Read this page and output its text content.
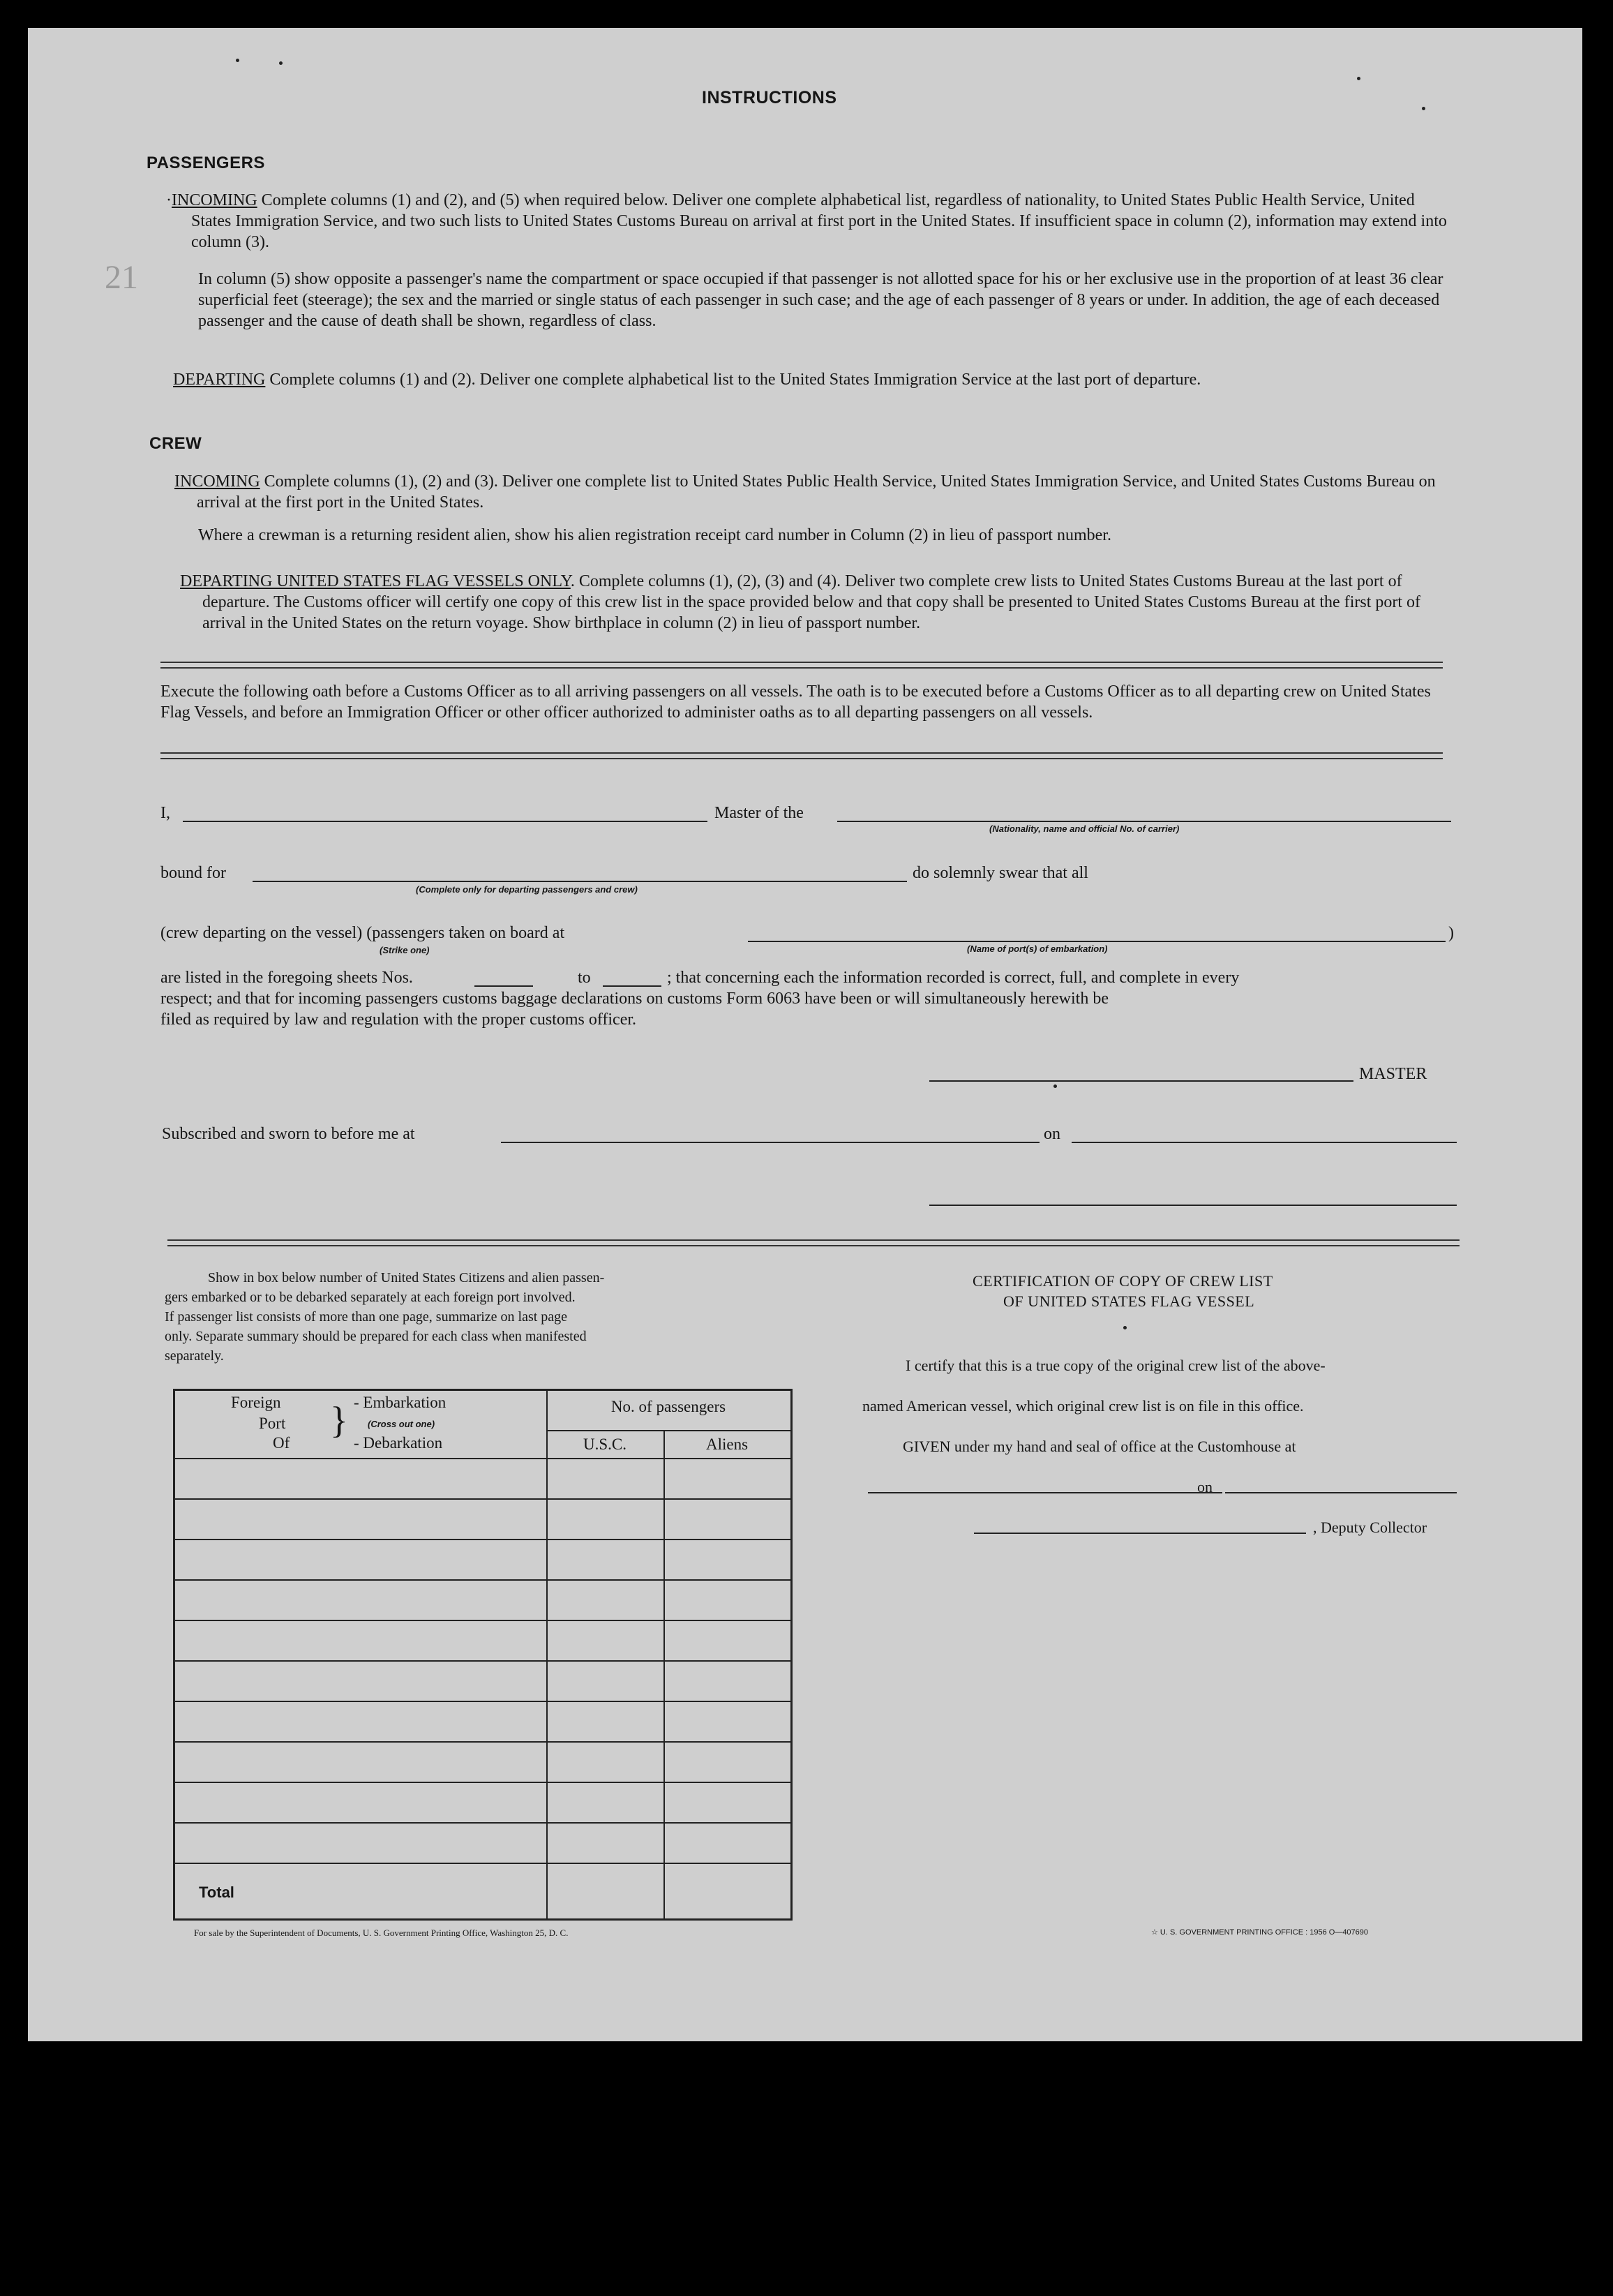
INSTRUCTIONS
21
PASSENGERS
·INCOMING Complete columns (1) and (2), and (5) when required below. Deliver one complete alphabetical list, regardless of nationality, to United States Public Health Service, United States Immigration Service, and two such lists to United States Customs Bureau on arrival at first port in the United States. If insufficient space in column (2), information may extend into column (3).
In column (5) show opposite a passenger's name the compartment or space occupied if that passenger is not allotted space for his or her exclusive use in the proportion of at least 36 clear superficial feet (steerage); the sex and the married or single status of each passenger in such case; and the age of each passenger of 8 years or under. In addition, the age of each deceased passenger and the cause of death shall be shown, regardless of class.
DEPARTING Complete columns (1) and (2). Deliver one complete alphabetical list to the United States Immigration Service at the last port of departure.
CREW
INCOMING Complete columns (1), (2) and (3). Deliver one complete list to United States Public Health Service, United States Immigration Service, and United States Customs Bureau on arrival at the first port in the United States.
Where a crewman is a returning resident alien, show his alien registration receipt card number in Column (2) in lieu of passport number.
DEPARTING UNITED STATES FLAG VESSELS ONLY. Complete columns (1), (2), (3) and (4). Deliver two complete crew lists to United States Customs Bureau at the last port of departure. The Customs officer will certify one copy of this crew list in the space provided below and that copy shall be presented to United States Customs Bureau at the first port of arrival in the United States on the return voyage. Show birthplace in column (2) in lieu of passport number.
Execute the following oath before a Customs Officer as to all arriving passengers on all vessels. The oath is to be executed before a Customs Officer as to all departing crew on United States Flag Vessels, and before an Immigration Officer or other officer authorized to administer oaths as to all departing passengers on all vessels.
I,	Master of the
(Nationality, name and official No. of carrier)
bound for
(Complete only for departing passengers and crew)
do solemnly swear that all
(crew departing on the vessel) (passengers taken on board at
(Strike one)	(Name of port(s) of embarkation)
)
are listed in the foregoing sheets Nos.	to	; that concerning each the information recorded is correct, full, and complete in every
respect; and that for incoming passengers customs baggage declarations on customs Form 6063 have been or will simultaneously herewith be
filed as required by law and regulation with the proper customs officer.
MASTER
Subscribed and sworn to before me at	on
Show in box below number of United States Citizens and alien passen-
gers embarked or to be debarked separately at each foreign port involved.
If passenger list consists of more than one page, summarize on last page
only. Separate summary should be prepared for each class when manifested
separately.
Foreign
Port
Of
} - Embarkation
(Cross out one)
- Debarkation
No. of passengers
U.S.C.	Aliens
Total
CERTIFICATION OF COPY OF CREW LIST
OF UNITED STATES FLAG VESSEL
I certify that this is a true copy of the original crew list of the above-
named American vessel, which original crew list is on file in this office.
GIVEN under my hand and seal of office at the Customhouse at
on
, Deputy Collector
For sale by the Superintendent of Documents, U. S. Government Printing Office, Washington 25, D. C.	☆ U. S. GOVERNMENT PRINTING OFFICE : 1956 O—407690
